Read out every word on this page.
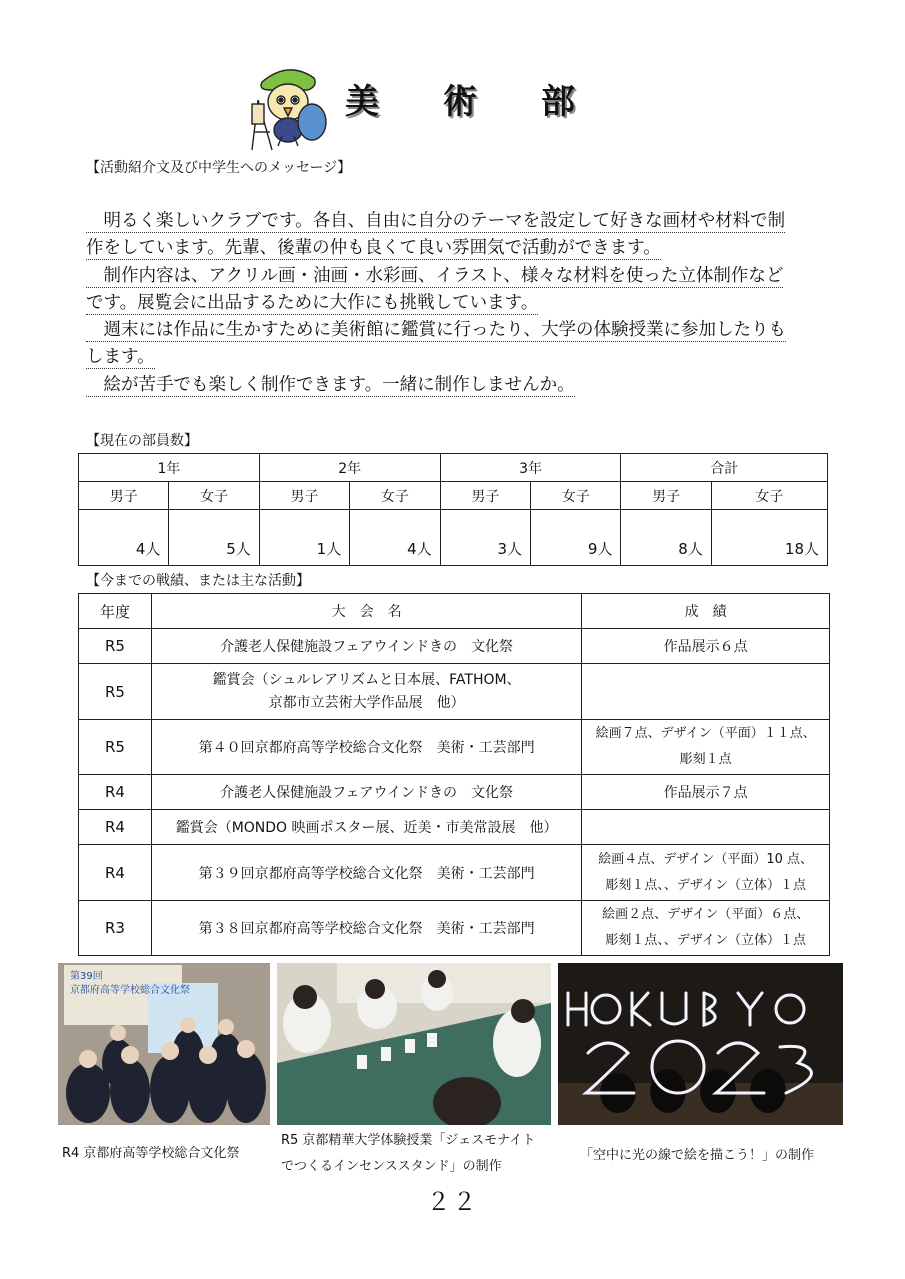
美 術 部
【活動紹介文及び中学生へのメッセージ】
　明るく楽しいクラブです。各自、自由に自分のテーマを設定して好きな画材や材料で制
作をしています。先輩、後輩の仲も良くて良い雰囲気で活動ができます。
　制作内容は、アクリル画・油画・水彩画、イラスト、様々な材料を使った立体制作など
です。展覧会に出品するために大作にも挑戦しています。
　週末には作品に生かすために美術館に鑑賞に行ったり、大学の体験授業に参加したりも
します。
　絵が苦手でも楽しく制作できます。一緒に制作しませんか。
【現在の部員数】
1年		2年		3年		合計	
男子	女子	男子	女子	男子	女子	男子	女子
4人	5人	1人	4人	3人	9人	8人	18人
【今までの戦績、または主な活動】
年度	大　会　名	成　績
R5	介護老人保健施設フェアウインドきの　文化祭	作品展示６点
R5	鑑賞会（シュルレアリズムと日本展、FATHOM、
京都市立芸術大学作品展　他）	

R5	第４０回京都府高等学校総合文化祭　美術・工芸部門	絵画７点、デザイン（平面）１１点、
彫刻１点

R4	介護老人保健施設フェアウインドきの　文化祭	作品展示７点
R4	鑑賞会（MONDO 映画ポスター展、近美・市美常設展　他）	
R4	第３９回京都府高等学校総合文化祭　美術・工芸部門	絵画４点、デザイン（平面）10 点、
彫刻１点、、デザイン（立体）１点

R3	第３８回京都府高等学校総合文化祭　美術・工芸部門	絵画２点、デザイン（平面）６点、
彫刻１点、、デザイン（立体）１点
第39回
京都府高等学校総合文化祭
HOKUBYO 2023
R4 京都府高等学校総合文化祭
R5 京都精華大学体験授業「ジェスモナイト
でつくるインセンススタンド」の制作
「空中に光の線で絵を描こう！」の制作
２２
